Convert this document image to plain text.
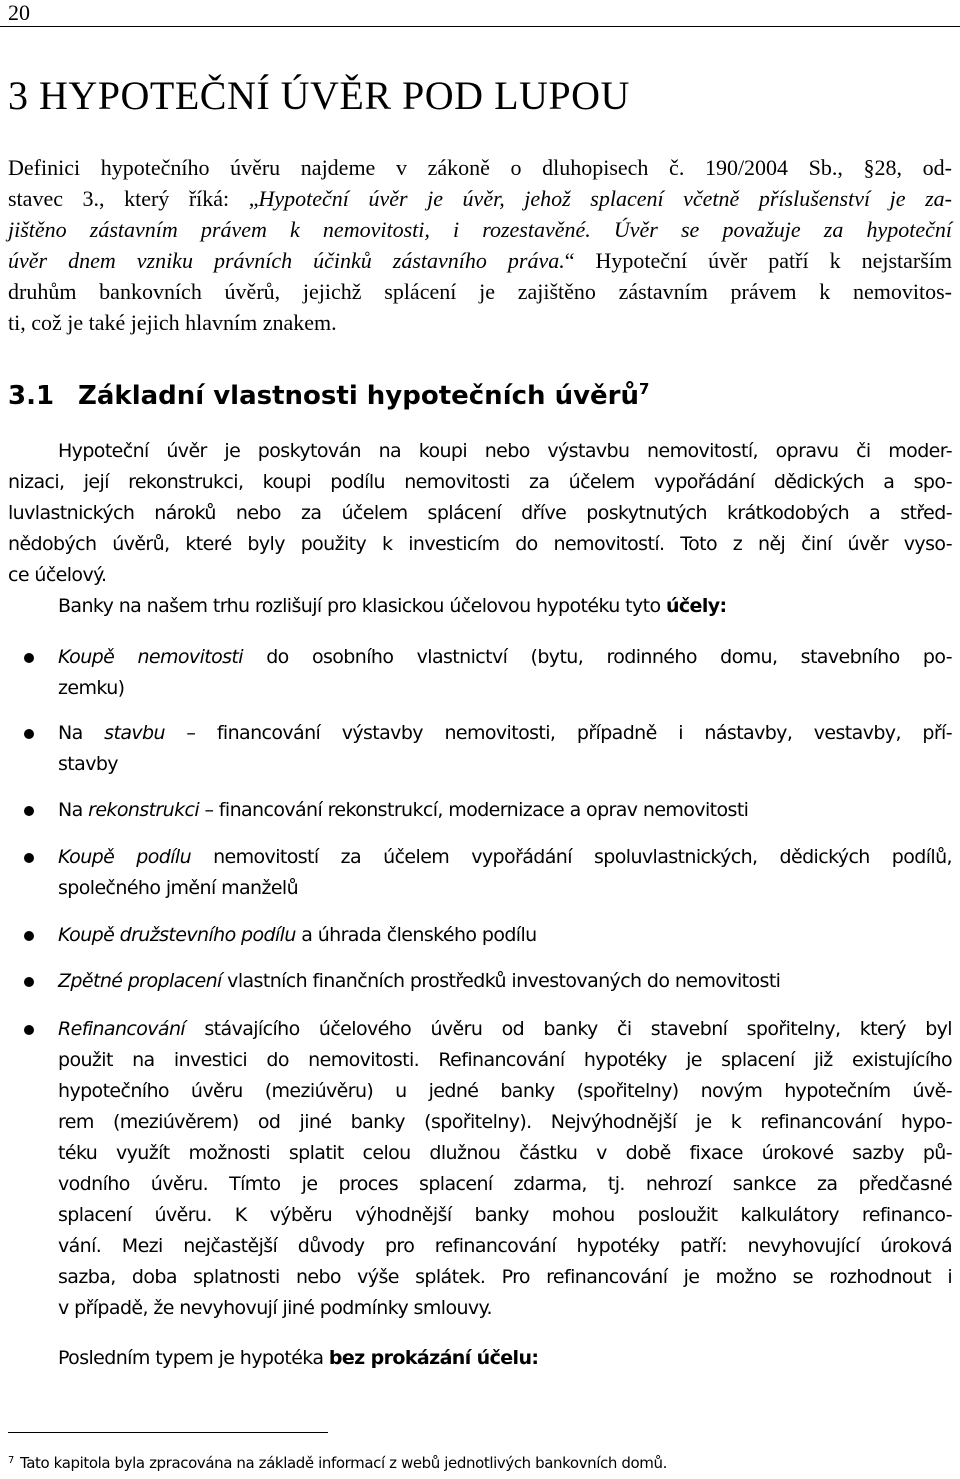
20
3 HYPOTEČNÍ ÚVĚR POD LUPOU
Definici hypotečního úvěru najdeme v zákoně o dluhopisech č. 190/2004 Sb., §28, od-
stavec 3., který říká: „Hypoteční úvěr je úvěr, jehož splacení včetně příslušenství je za-
jištěno zástavním právem k nemovitosti, i rozestavěné. Úvěr se považuje za hypoteční
úvěr dnem vzniku právních účinků zástavního práva.“ Hypoteční úvěr patří k nejstarším
druhům bankovních úvěrů, jejichž splácení je zajištěno zástavním právem k nemovitos-
ti, což je také jejich hlavním znakem.
3.1 Základní vlastnosti hypotečních úvěrů$^7$
Hypoteční úvěr je poskytován na koupi nebo výstavbu nemovitostí, opravu či moder-
nizaci, její rekonstrukci, koupi podílu nemovitosti za účelem vypořádání dědických a spo-
luvlastnických nároků nebo za účelem splácení dříve poskytnutých krátkodobých a střed-
nědobých úvěrů, které byly použity k investicím do nemovitostí. Toto z něj činí úvěr vyso-
ce účelový.
Banky na našem trhu rozlišují pro klasickou účelovou hypotéku tyto účely:
Koupě nemovitosti do osobního vlastnictví (bytu, rodinného domu, stavebního po-
zemku)
Na stavbu – financování výstavby nemovitosti, případně i nástavby, vestavby, pří-
stavby
Na rekonstrukci – financování rekonstrukcí, modernizace a oprav nemovitosti
Koupě podílu nemovitostí za účelem vypořádání spoluvlastnických, dědických podílů,
společného jmění manželů
Koupě družstevního podílu a úhrada členského podílu
Zpětné proplacení vlastních finančních prostředků investovaných do nemovitosti
Refinancování stávajícího účelového úvěru od banky či stavební spořitelny, který byl
použit na investici do nemovitosti. Refinancování hypotéky je splacení již existujícího
hypotečního úvěru (meziúvěru) u jedné banky (spořitelny) novým hypotečním úvě-
rem (meziúvěrem) od jiné banky (spořitelny). Nejvýhodnější je k refinancování hypo-
téku využít možnosti splatit celou dlužnou částku v době fixace úrokové sazby pů-
vodního úvěru. Tímto je proces splacení zdarma, tj. nehrozí sankce za předčasné
splacení úvěru. K výběru výhodnější banky mohou posloužit kalkulátory refinanco-
vání. Mezi nejčastější důvody pro refinancování hypotéky patří: nevyhovující úroková
sazba, doba splatnosti nebo výše splátek. Pro refinancování je možno se rozhodnout i
v případě, že nevyhovují jiné podmínky smlouvy.
Posledním typem je hypotéka bez prokázání účelu:
$^7$ Tato kapitola byla zpracována na základě informací z webů jednotlivých bankovních domů.
